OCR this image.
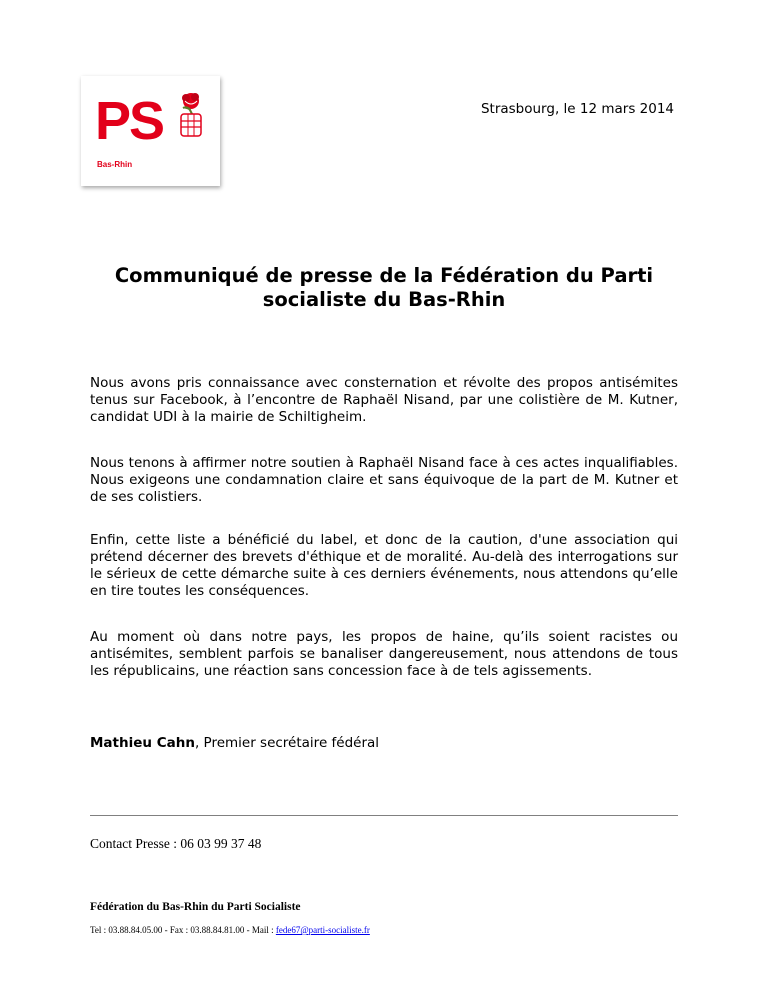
PS
Bas-Rhin
Strasbourg, le 12 mars 2014
Communiqué de presse de la Fédération du Parti
socialiste du Bas-Rhin

Nous avons pris connaissance avec consternation et révolte des propos antisémites tenus sur Facebook, à l’encontre de Raphaël Nisand, par une colistière de M. Kutner, candidat UDI à la mairie de Schiltigheim.

Nous tenons à affirmer notre soutien à Raphaël Nisand face à ces actes inqualifiables. Nous exigeons une condamnation claire et sans équivoque de la part de M. Kutner et de ses colistiers.

Enfin, cette liste a bénéficié du label, et donc de la caution, d'une association qui prétend décerner des brevets d'éthique et de moralité. Au-delà des interrogations sur le sérieux de cette démarche suite à ces derniers événements, nous attendons qu’elle en tire toutes les conséquences.

Au moment où dans notre pays, les propos de haine, qu’ils soient racistes ou antisémites, semblent parfois se banaliser dangereusement, nous attendons de tous les républicains, une réaction sans concession face à de tels agissements.

Mathieu Cahn, Premier secrétaire fédéral
Contact Presse : 06 03 99 37 48
Fédération du Bas-Rhin du Parti Socialiste
Tel : 03.88.84.05.00 - Fax : 03.88.84.81.00 - Mail : fede67@parti-socialiste.fr
